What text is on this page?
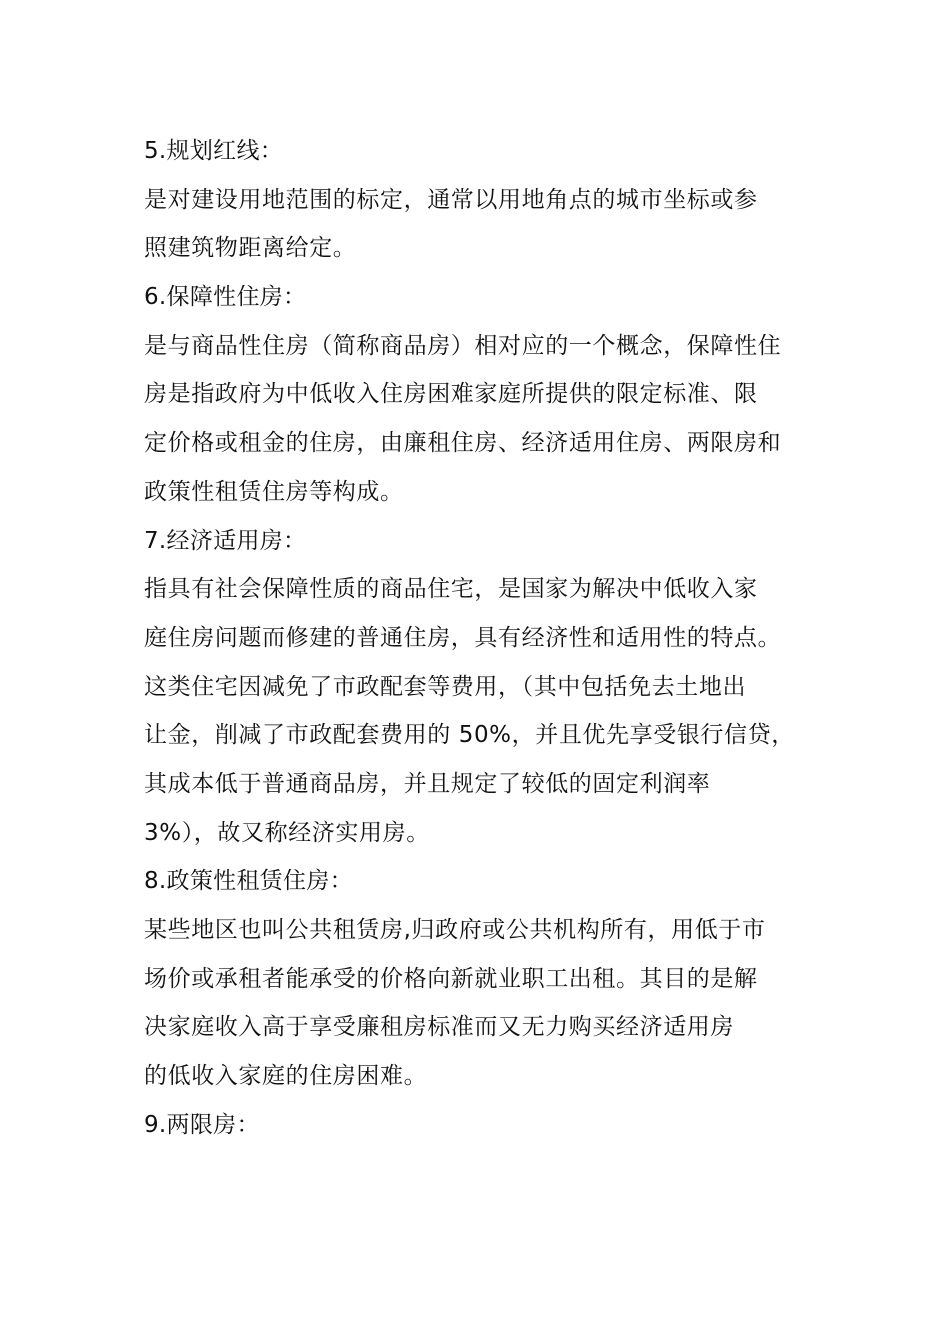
5.规划红线：
是对建设用地范围的标定，通常以用地角点的城市坐标或参
照建筑物距离给定。
6.保障性住房：
是与商品性住房（简称商品房）相对应的一个概念，保障性住
房是指政府为中低收入住房困难家庭所提供的限定标准、限
定价格或租金的住房，由廉租住房、经济适用住房、两限房和
政策性租赁住房等构成。
7.经济适用房：
指具有社会保障性质的商品住宅，是国家为解决中低收入家
庭住房问题而修建的普通住房，具有经济性和适用性的特点。
这类住宅因减免了市政配套等费用，（其中包括免去土地出
让金，削减了市政配套费用的 50%，并且优先享受银行信贷，
其成本低于普通商品房，并且规定了较低的固定利润率
3%），故又称经济实用房。
8.政策性租赁住房：
某些地区也叫公共租赁房,归政府或公共机构所有，用低于市
场价或承租者能承受的价格向新就业职工出租。其目的是解
决家庭收入高于享受廉租房标准而又无力购买经济适用房
的低收入家庭的住房困难。
9.两限房：
